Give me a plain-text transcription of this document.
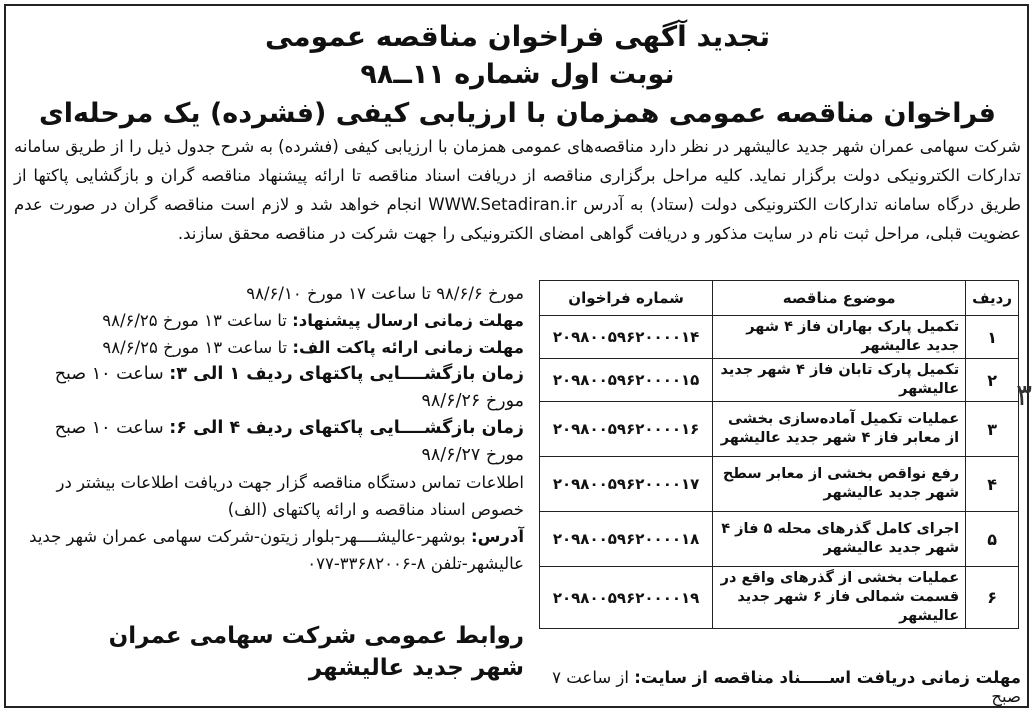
تجدید آگهی فراخوان مناقصه عمومی
نوبت اول شماره ۱۱ــ۹۸
فراخوان مناقصه عمومی همزمان با ارزیابی کیفی (فشرده) یک مرحله‌ای
شرکت سهامی عمران شهر جدید عالیشهر در نظر دارد مناقصه‌های عمومی همزمان با ارزیابی کیفی (فشرده) به شرح جدول ذیل را از طریق سامانه تدارکات الکترونیکی دولت برگزار نماید. کلیه مراحل برگزاری مناقصه از دریافت اسناد مناقصه تا ارائه پیشنهاد مناقصه گران و بازگشایی پاکتها از طریق درگاه سامانه تدارکات الکترونیکی دولت (ستاد) به آدرس WWW.Setadiran.ir انجام خواهد شد و لازم است مناقصه گران در صورت عدم عضویت قبلی، مراحل ثبت نام در سایت مذکور و دریافت گواهی امضای الکترونیکی را جهت شرکت در مناقصه محقق سازند.
ردیف	موضوع مناقصه	شماره فراخوان
۱	تکمیل پارک بهاران فاز ۴ شهر جدید عالیشهر	۲۰۹۸۰۰۵۹۶۲۰۰۰۰۱۴
۲	تکمیل پارک تابان فاز ۴ شهر جدید عالیشهر	۲۰۹۸۰۰۵۹۶۲۰۰۰۰۱۵
۳	عملیات تکمیل آماده‌سازی بخشی از معابر فاز ۴ شهر جدید عالیشهر	۲۰۹۸۰۰۵۹۶۲۰۰۰۰۱۶
۴	رفع نواقص بخشی از معابر سطح شهر جدید عالیشهر	۲۰۹۸۰۰۵۹۶۲۰۰۰۰۱۷
۵	اجرای کامل گذرهای محله ۵ فاز ۴ شهر جدید عالیشهر	۲۰۹۸۰۰۵۹۶۲۰۰۰۰۱۸
۶	عملیات بخشی از گذرهای واقع در قسمت شمالی فاز ۶ شهر جدید عالیشهر	۲۰۹۸۰۰۵۹۶۲۰۰۰۰۱۹

مورخ ۹۸/۶/۶ تا ساعت ۱۷ مورخ ۹۸/۶/۱۰

مهلت زمانی ارسال پیشنهاد: تا ساعت ۱۳ مورخ ۹۸/۶/۲۵

مهلت زمانی ارائه پاکت الف: تا ساعت ۱۳ مورخ ۹۸/۶/۲۵

زمان بازگشــــایی پاکتهای ردیف ۱ الی ۳: ساعت ۱۰ صبح مورخ ۹۸/۶/۲۶

زمان بازگشــــایی پاکتهای ردیف ۴ الی ۶: ساعت ۱۰ صبح مورخ ۹۸/۶/۲۷

اطلاعات تماس دستگاه مناقصه گزار جهت دریافت اطلاعات بیشتر در خصوص اسناد مناقصه و ارائه پاکتهای (الف)

آدرس: بوشهر-عالیشــــهر-بلوار زیتون-شرکت سهامی عمران شهر جدید عالیشهر-تلفن ۸-۳۳۶۸۲۰۰۶-۰۷۷

روابط عمومی شرکت سهامی عمران
شهر جدید عالیشهر	مهلت زمانی دریافت اســـــناد مناقصه از سایت: از ساعت ۷ صبح
۳
